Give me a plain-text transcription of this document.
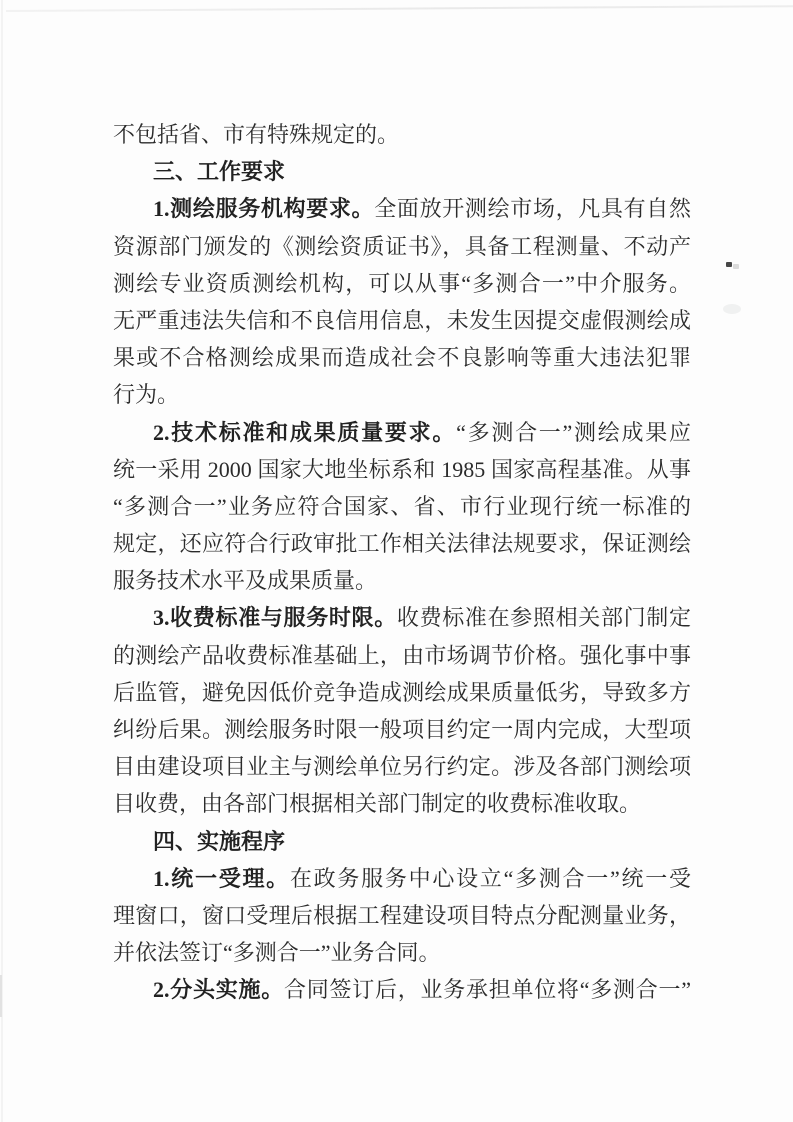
不包括省、市有特殊规定的。
三、工作要求
1.测绘服务机构要求。全面放开测绘市场，凡具有自然
资源部门颁发的《测绘资质证书》，具备工程测量、不动产
测绘专业资质测绘机构，可以从事“多测合一”中介服务。
无严重违法失信和不良信用信息，未发生因提交虚假测绘成
果或不合格测绘成果而造成社会不良影响等重大违法犯罪
行为。
2.技术标准和成果质量要求。“多测合一”测绘成果应
统一采用 2000 国家大地坐标系和 1985 国家高程基准。从事
“多测合一”业务应符合国家、省、市行业现行统一标准的
规定，还应符合行政审批工作相关法律法规要求，保证测绘
服务技术水平及成果质量。
3.收费标准与服务时限。收费标准在参照相关部门制定
的测绘产品收费标准基础上，由市场调节价格。强化事中事
后监管，避免因低价竞争造成测绘成果质量低劣，导致多方
纠纷后果。测绘服务时限一般项目约定一周内完成，大型项
目由建设项目业主与测绘单位另行约定。涉及各部门测绘项
目收费，由各部门根据相关部门制定的收费标准收取。
四、实施程序
1.统一受理。在政务服务中心设立“多测合一”统一受
理窗口，窗口受理后根据工程建设项目特点分配测量业务，
并依法签订“多测合一”业务合同。
2.分头实施。合同签订后，业务承担单位将“多测合一”
